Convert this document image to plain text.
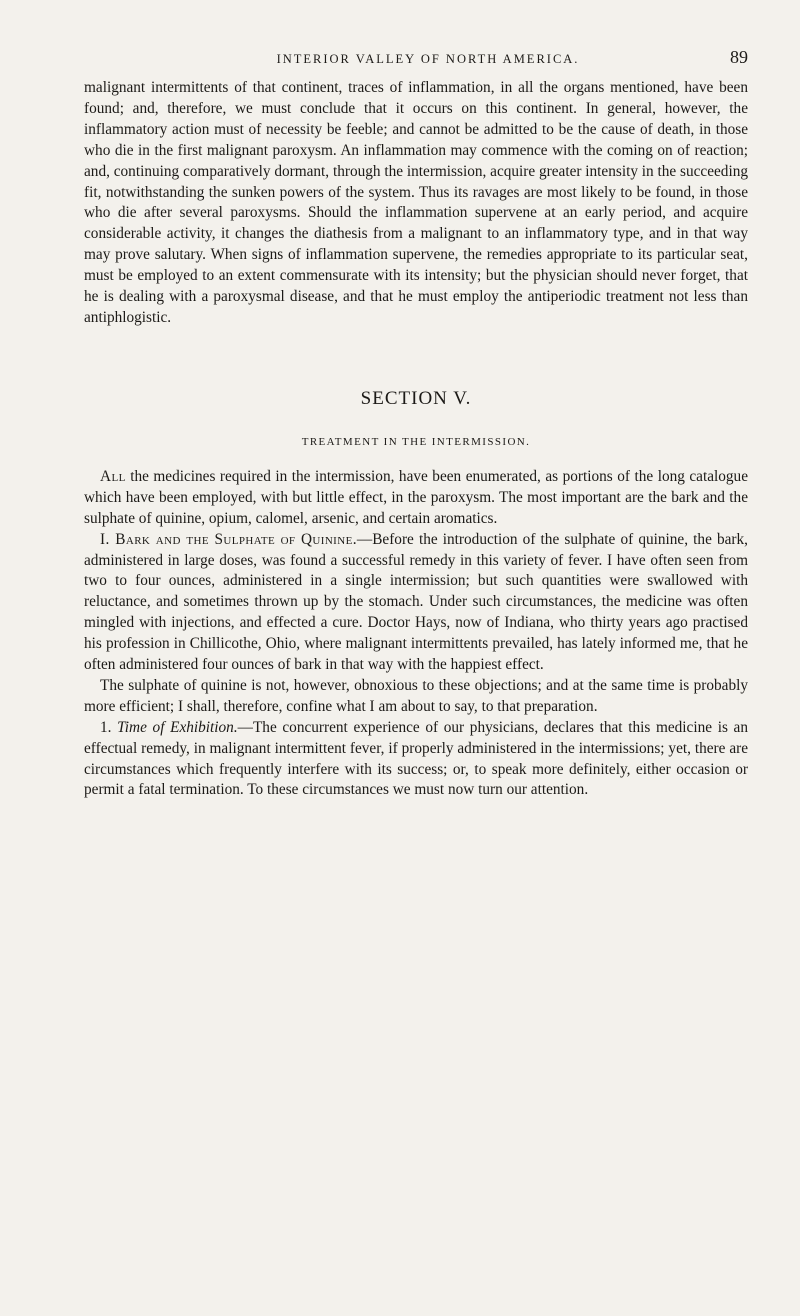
INTERIOR VALLEY OF NORTH AMERICA.	89

malignant intermittents of that continent, traces of inflammation, in all the organs mentioned, have been found; and, therefore, we must conclude that it occurs on this continent. In general, however, the inflammatory action must of necessity be feeble; and cannot be admitted to be the cause of death, in those who die in the first malignant paroxysm. An inflammation may commence with the coming on of reaction; and, continuing comparatively dormant, through the intermission, acquire greater intensity in the succeeding fit, notwithstanding the sunken powers of the system. Thus its ravages are most likely to be found, in those who die after several paroxysms. Should the inflammation supervene at an early period, and acquire considerable activity, it changes the diathesis from a malignant to an inflammatory type, and in that way may prove salutary. When signs of inflammation supervene, the remedies appropriate to its particular seat, must be employed to an extent commensurate with its intensity; but the physician should never forget, that he is dealing with a paroxysmal disease, and that he must employ the antiperiodic treatment not less than antiphlogistic.

SECTION V.
TREATMENT IN THE INTERMISSION.

All the medicines required in the intermission, have been enumerated, as portions of the long catalogue which have been employed, with but little effect, in the paroxysm. The most important are the bark and the sulphate of quinine, opium, calomel, arsenic, and certain aromatics.

I. Bark and the Sulphate of Quinine.—Before the introduction of the sulphate of quinine, the bark, administered in large doses, was found a successful remedy in this variety of fever. I have often seen from two to four ounces, administered in a single intermission; but such quantities were swallowed with reluctance, and sometimes thrown up by the stomach. Under such circumstances, the medicine was often mingled with injections, and effected a cure. Doctor Hays, now of Indiana, who thirty years ago practised his profession in Chillicothe, Ohio, where malignant intermittents prevailed, has lately informed me, that he often administered four ounces of bark in that way with the happiest effect.

The sulphate of quinine is not, however, obnoxious to these objections; and at the same time is probably more efficient; I shall, therefore, confine what I am about to say, to that preparation.

1. Time of Exhibition.—The concurrent experience of our physicians, declares that this medicine is an effectual remedy, in malignant intermittent fever, if properly administered in the intermissions; yet, there are circumstances which frequently interfere with its success; or, to speak more definitely, either occasion or permit a fatal termination. To these circumstances we must now turn our attention.
